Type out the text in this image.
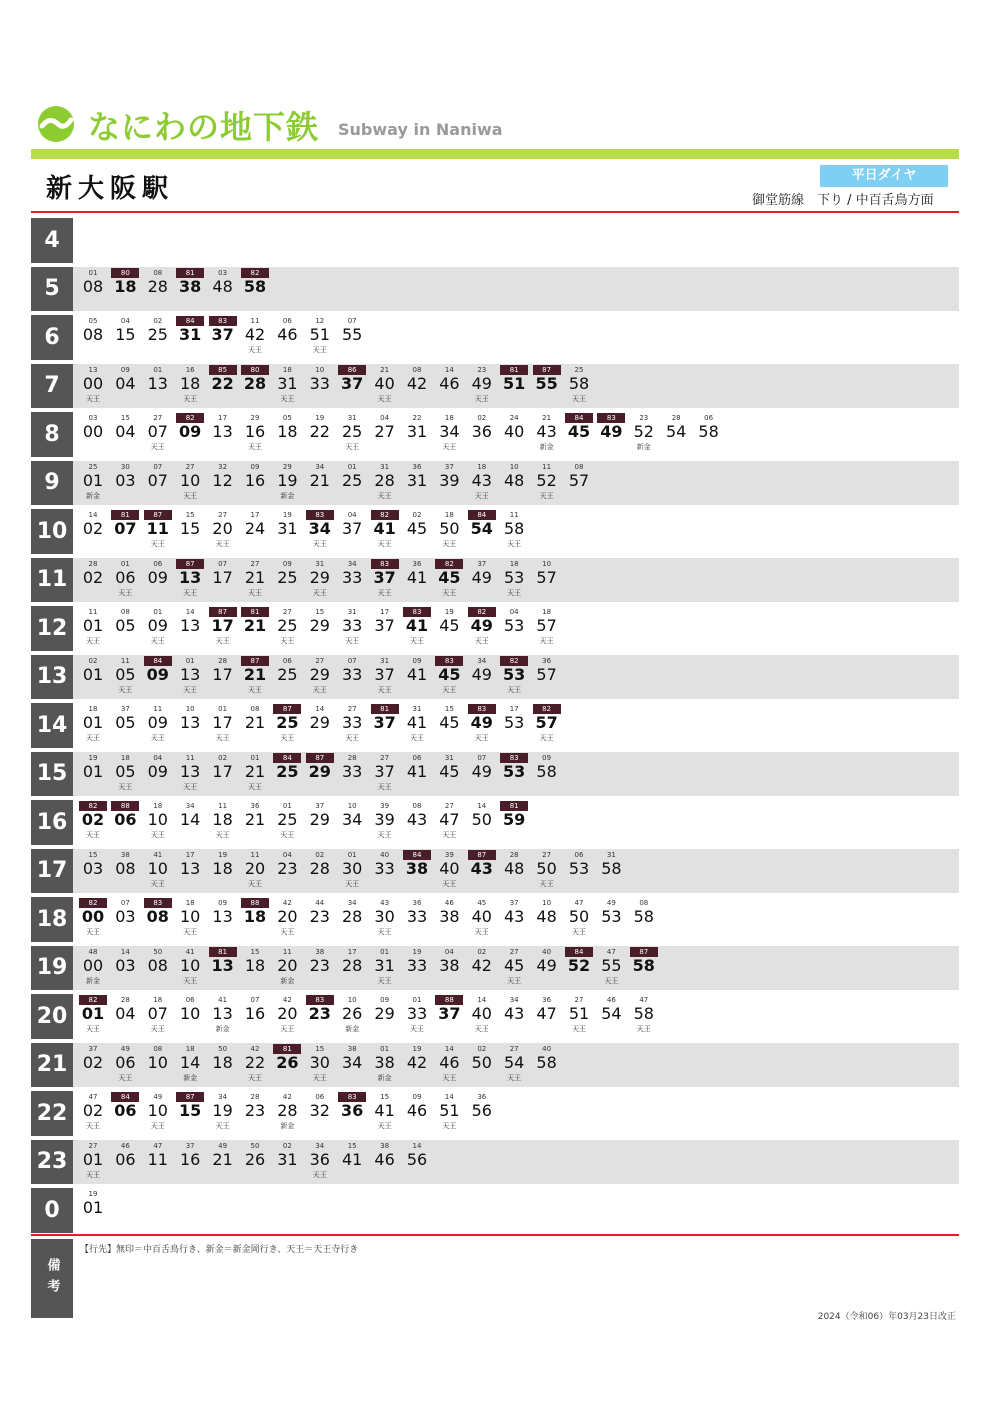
なにわの地下鉄 Subway in Naniwa
新大阪駅	平日ダイヤ
御堂筋線　下り / 中百舌鳥方面
4
5
01
08
80
18
08
28
81
38
03
48
82
58
6
05
08
04
15
02
25
84
31
83
37
11
42
天王
06
46
12
51
天王
07
55
7
13
00
天王
09
04
01
13
16
18
天王
85
22
80
28
18
31
天王
10
33
86
37
21
40
天王
08
42
14
46
23
49
天王
81
51
87
55
25
58
天王
8
03
00
15
04
27
07
天王
82
09
17
13
29
16
天王
05
18
19
22
31
25
天王
04
27
22
31
18
34
天王
02
36
24
40
21
43
新金
84
45
83
49
23
52
新金
28
54
06
58
9
25
01
新金
30
03
07
07
27
10
天王
32
12
09
16
29
19
新金
34
21
01
25
31
28
天王
36
31
37
39
18
43
天王
10
48
11
52
天王
08
57
10
14
02
81
07
87
11
天王
15
15
27
20
天王
17
24
19
31
83
34
天王
04
37
82
41
天王
02
45
18
50
天王
84
54
11
58
天王
11
28
02
01
06
天王
06
09
87
13
天王
07
17
27
21
天王
09
25
31
29
天王
34
33
83
37
天王
36
41
82
45
天王
37
49
18
53
天王
10
57
12
11
01
天王
08
05
01
09
天王
14
13
87
17
天王
81
21
27
25
天王
15
29
31
33
天王
17
37
83
41
天王
19
45
82
49
天王
04
53
18
57
天王
13
02
01
11
05
天王
84
09
01
13
天王
28
17
87
21
天王
06
25
27
29
天王
07
33
31
37
天王
09
41
83
45
天王
34
49
82
53
天王
36
57
14
18
01
天王
37
05
11
09
天王
10
13
01
17
天王
08
21
87
25
天王
14
29
27
33
天王
81
37
31
41
天王
15
45
83
49
天王
17
53
82
57
天王
15
19
01
18
05
天王
04
09
11
13
天王
02
17
01
21
天王
84
25
87
29
28
33
27
37
天王
06
41
31
45
07
49
83
53
09
58
16
82
02
天王
88
06
18
10
天王
34
14
11
18
天王
36
21
01
25
天王
37
29
10
34
39
39
天王
08
43
27
47
天王
14
50
81
59
17
15
03
38
08
41
10
天王
17
13
19
18
11
20
天王
04
23
02
28
01
30
天王
40
33
84
38
39
40
天王
87
43
28
48
27
50
天王
06
53
31
58
18
82
00
天王
07
03
83
08
18
10
天王
09
13
88
18
42
20
天王
44
23
34
28
43
30
天王
36
33
46
38
45
40
天王
37
43
10
48
47
50
天王
49
53
08
58
19
48
00
新金
14
03
50
08
41
10
天王
81
13
15
18
11
20
新金
38
23
17
28
01
31
天王
19
33
04
38
02
42
27
45
天王
40
49
84
52
47
55
天王
87
58
20
82
01
天王
28
04
18
07
天王
06
10
41
13
新金
07
16
42
20
天王
83
23
10
26
新金
09
29
01
33
天王
88
37
14
40
天王
34
43
36
47
27
51
天王
46
54
47
58
天王
21
37
02
49
06
天王
08
10
18
14
新金
50
18
42
22
天王
81
26
15
30
天王
38
34
01
38
新金
19
42
14
46
天王
02
50
27
54
天王
40
58
22
47
02
天王
84
06
49
10
天王
87
15
34
19
天王
28
23
42
28
新金
06
32
83
36
15
41
天王
09
46
14
51
天王
36
56
23
27
01
天王
46
06
47
11
37
16
49
21
50
26
02
31
34
36
天王
15
41
38
46
14
56
0
19
01
備考
【行先】無印＝中百舌鳥行き、新金＝新金岡行き、天王＝天王寺行き
2024（令和06）年03月23日改正
